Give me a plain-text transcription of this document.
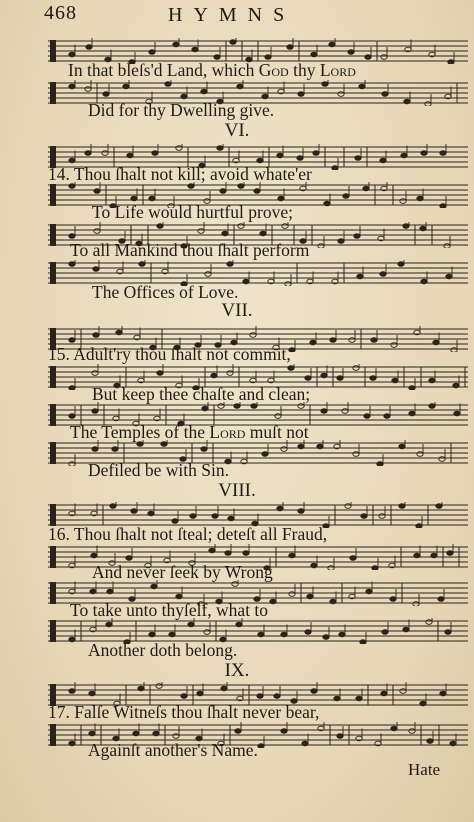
468	HYMNS
In that bleſs'd Land, which God thy Lord
Did for thy Dwelling give.
VI.
14. Thou ſhalt not kill; avoid whate'er
To Life would hurtful prove;
To all Mankind thou ſhalt perform
The Offices of Love.
VII.
15. Adult'ry thou ſhalt not commit,
But keep thee chaſte and clean;
The Temples of the Lord muſt not
Defiled be with Sin.
VIII.
16. Thou ſhalt not ſteal; deteſt all Fraud,
And never ſeek by Wrong
To take unto thyſelf, what to
Another doth belong.
IX.
17. Falſe Witneſs thou ſhalt never bear,
Againſt another's Name.
Hate
